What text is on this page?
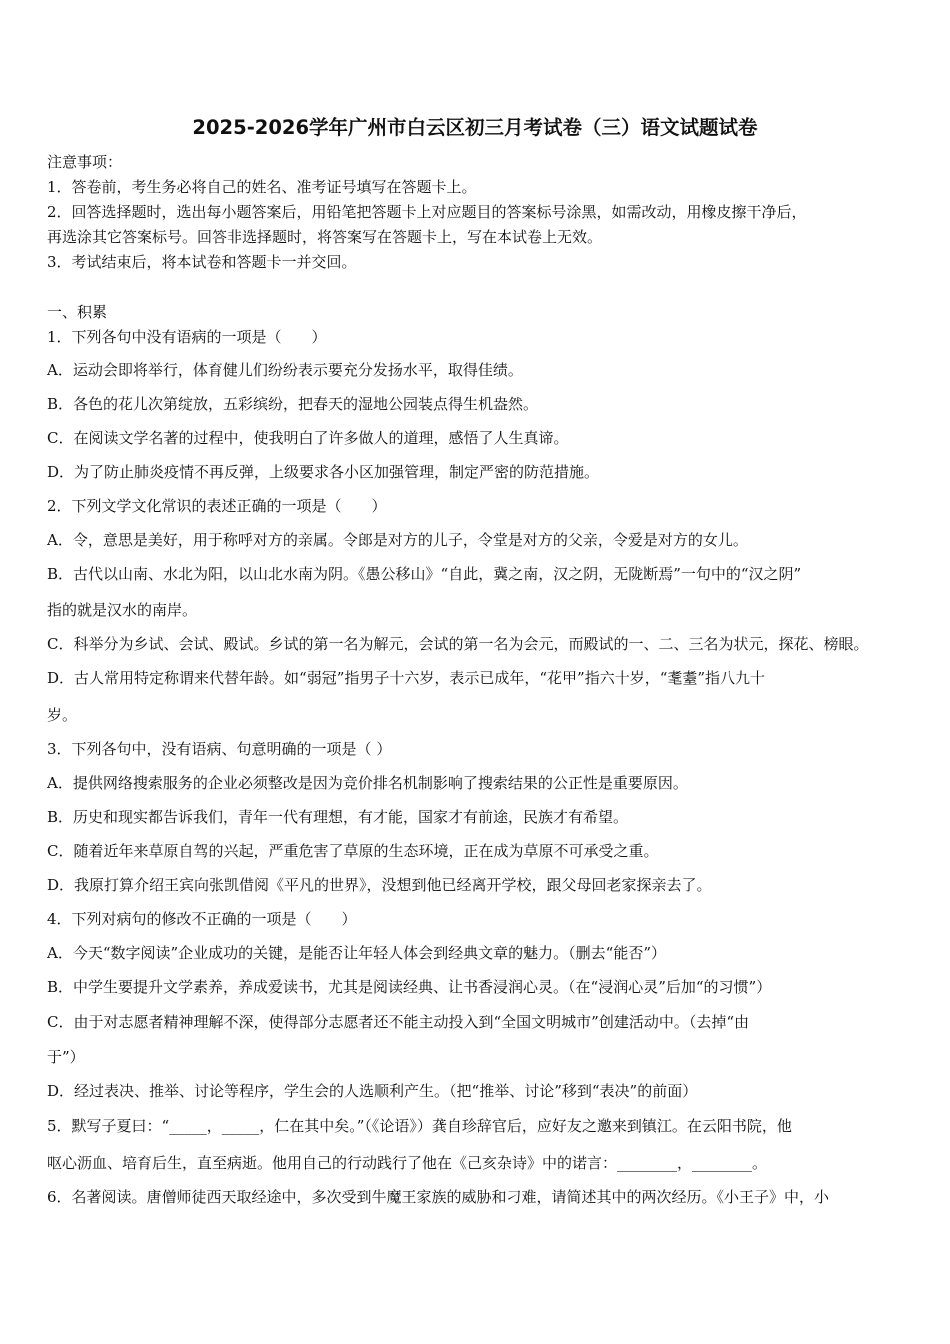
2025-2026学年广州市白云区初三月考试卷（三）语文试题试卷
注意事项：
1．答卷前，考生务必将自己的姓名、准考证号填写在答题卡上。
2．回答选择题时，选出每小题答案后，用铅笔把答题卡上对应题目的答案标号涂黑，如需改动，用橡皮擦干净后，
再选涂其它答案标号。回答非选择题时，将答案写在答题卡上，写在本试卷上无效。
3．考试结束后，将本试卷和答题卡一并交回。
一、积累
1．下列各句中没有语病的一项是（　　）
A．运动会即将举行，体育健儿们纷纷表示要充分发扬水平，取得佳绩。
B．各色的花儿次第绽放，五彩缤纷，把春天的湿地公园装点得生机盎然。
C．在阅读文学名著的过程中，使我明白了许多做人的道理，感悟了人生真谛。
D．为了防止肺炎疫情不再反弹，上级要求各小区加强管理，制定严密的防范措施。
2．下列文学文化常识的表述正确的一项是（　　）
A．令，意思是美好，用于称呼对方的亲属。令郎是对方的儿子，令堂是对方的父亲，令爱是对方的女儿。
B．古代以山南、水北为阳，以山北水南为阴。《愚公移山》“自此，冀之南，汉之阴，无陇断焉”一句中的“汉之阴”
指的就是汉水的南岸。
C．科举分为乡试、会试、殿试。乡试的第一名为解元，会试的第一名为会元，而殿试的一、二、三名为状元，探花、榜眼。
D．古人常用特定称谓来代替年龄。如“弱冠”指男子十六岁，表示已成年，“花甲”指六十岁，“耄耋”指八九十
岁。
3．下列各句中，没有语病、句意明确的一项是（ ）
A．提供网络搜索服务的企业必须整改是因为竞价排名机制影响了搜索结果的公正性是重要原因。
B．历史和现实都告诉我们，青年一代有理想，有才能，国家才有前途，民族才有希望。
C．随着近年来草原自驾的兴起，严重危害了草原的生态环境，正在成为草原不可承受之重。
D．我原打算介绍王宾向张凯借阅《平凡的世界》，没想到他已经离开学校，跟父母回老家探亲去了。
4．下列对病句的修改不正确的一项是（　　）
A．今天“数字阅读”企业成功的关键，是能否让年轻人体会到经典文章的魅力。（删去“能否”）
B．中学生要提升文学素养，养成爱读书，尤其是阅读经典、让书香浸润心灵。（在“浸润心灵”后加“的习惯”）
C．由于对志愿者精神理解不深，使得部分志愿者还不能主动投入到“全国文明城市”创建活动中。（去掉“由
于”）
D．经过表决、推举、讨论等程序，学生会的人选顺利产生。（把“推举、讨论”移到“表决”的前面）
5．默写子夏曰：“_____，_____，仁在其中矣。”（《论语》）龚自珍辞官后，应好友之邀来到镇江。在云阳书院，他
呕心沥血、培育后生，直至病逝。他用自己的行动践行了他在《己亥杂诗》中的诺言：________，________。
6．名著阅读。唐僧师徒西天取经途中，多次受到牛魔王家族的威胁和刁难，请简述其中的两次经历。《小王子》中，小
